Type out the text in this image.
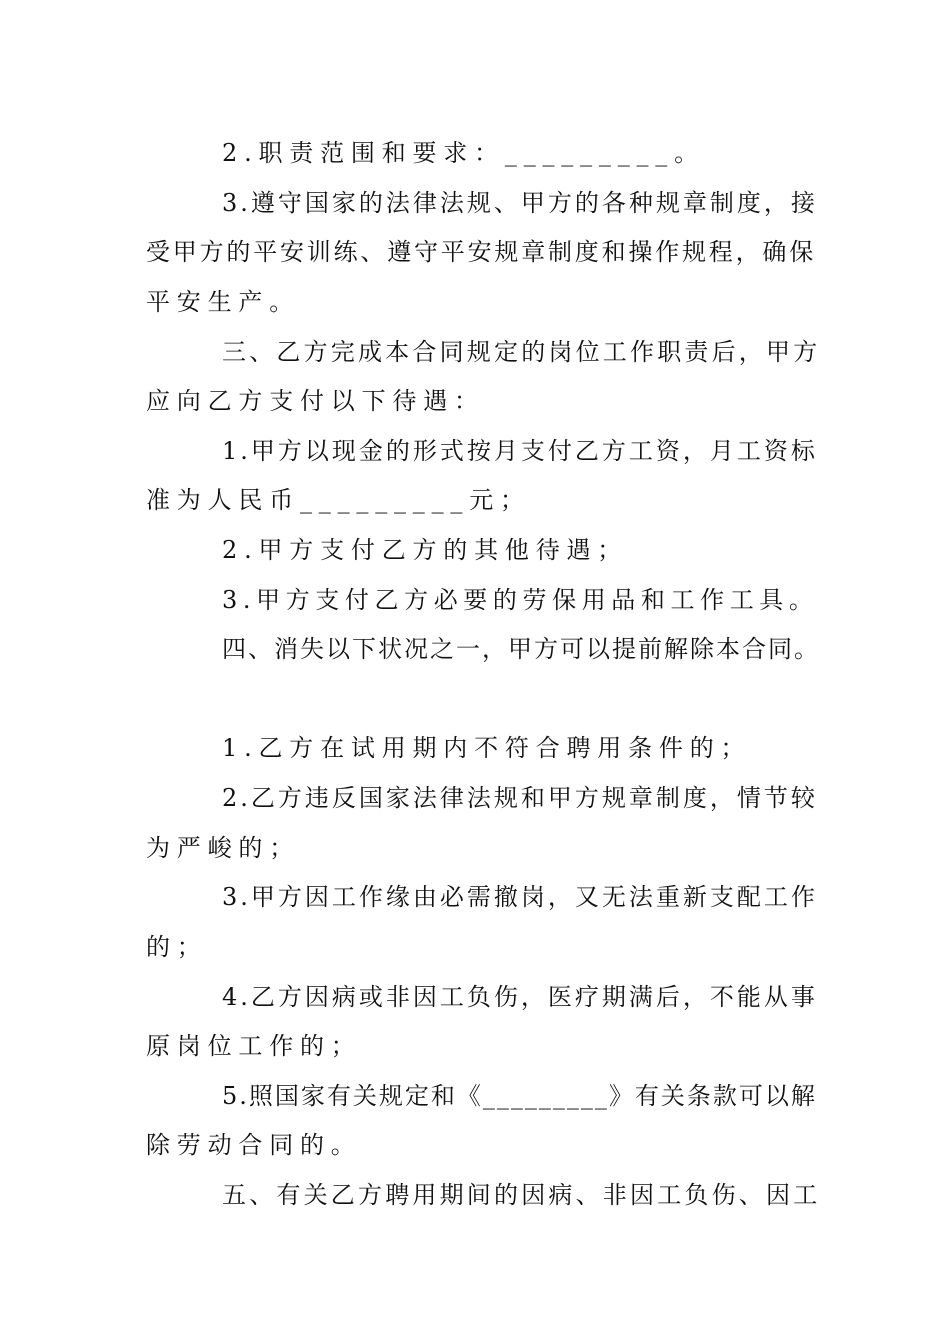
2.职责范围和要求：_________。
3.遵守国家的法律法规、甲方的各种规章制度，接
受甲方的平安训练、遵守平安规章制度和操作规程，确保
平安生产。
三、乙方完成本合同规定的岗位工作职责后，甲方
应向乙方支付以下待遇：
1.甲方以现金的形式按月支付乙方工资，月工资标
准为人民币_________元；
2.甲方支付乙方的其他待遇；
3.甲方支付乙方必要的劳保用品和工作工具。
四、消失以下状况之一，甲方可以提前解除本合同。
1.乙方在试用期内不符合聘用条件的；
2.乙方违反国家法律法规和甲方规章制度，情节较
为严峻的；
3.甲方因工作缘由必需撤岗，又无法重新支配工作
的；
4.乙方因病或非因工负伤，医疗期满后，不能从事
原岗位工作的；
5.照国家有关规定和《_________》有关条款可以解
除劳动合同的。
五、有关乙方聘用期间的因病、非因工负伤、因工
